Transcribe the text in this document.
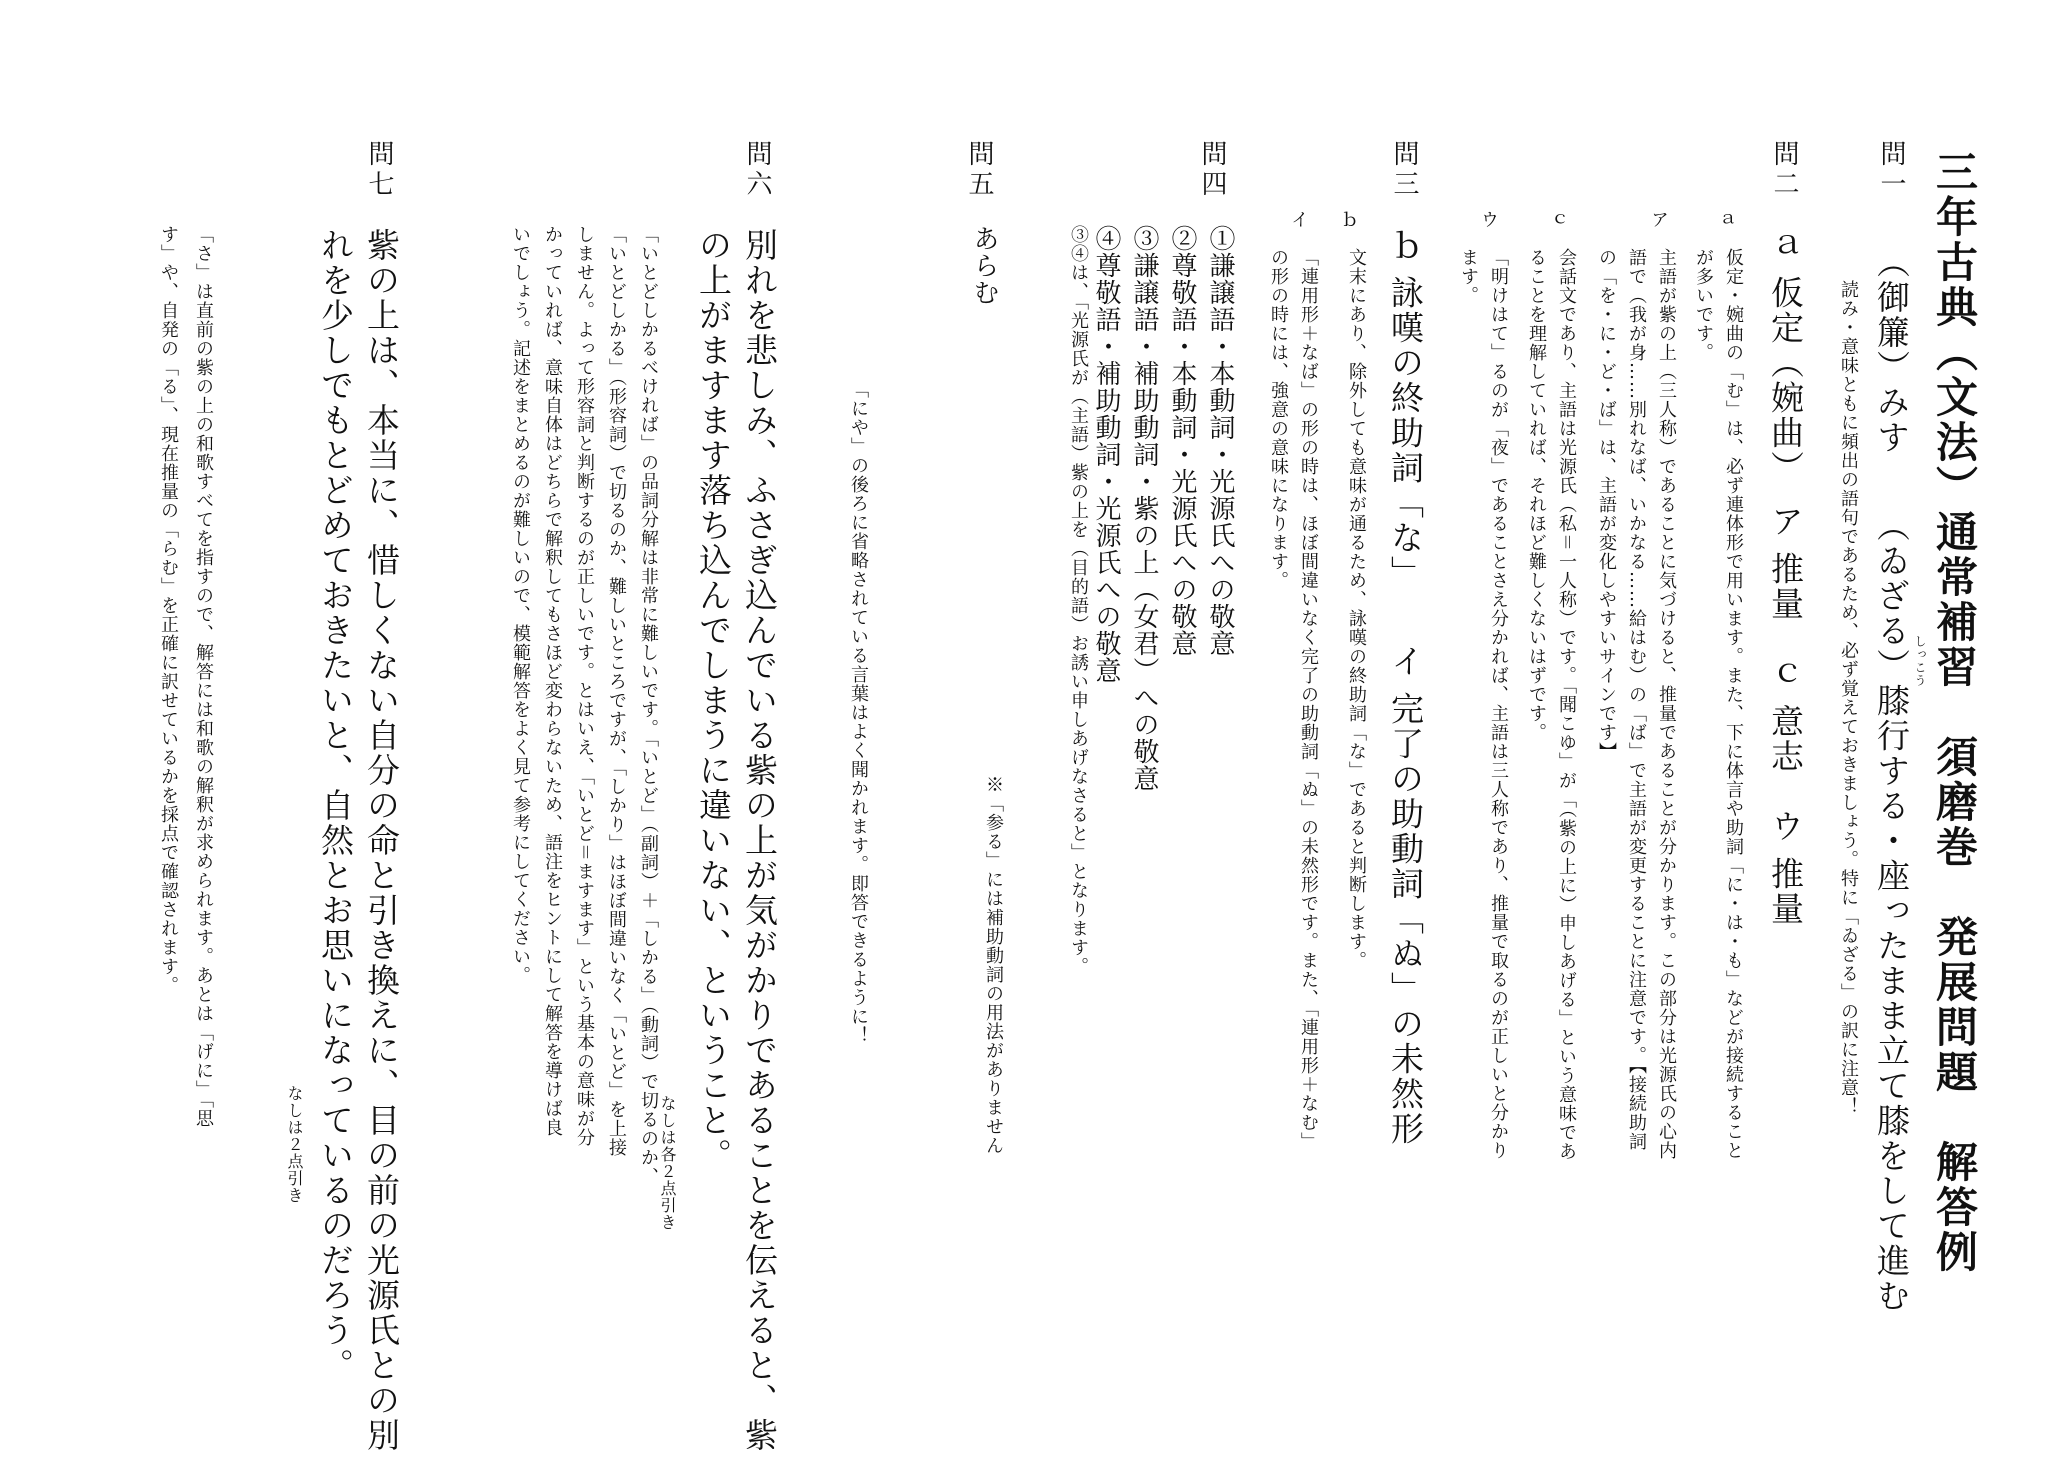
三年古典（文法）通常補習　須磨巻　発展問題　解答例
問一
（御簾）みす　　（ゐざる）膝行する・座ったまま立て膝をして進む しっこう
読み・意味ともに頻出の語句であるため、必ず覚えておきましょう。特に「ゐざる」の訳に注意！
問二
ａ 仮定（婉曲）　ア 推量　ｃ 意志　ウ 推量
ａ
仮定・婉曲の「む」は、必ず連体形で用います。また、下に体言や助詞「に・は・も」などが接続すること
が多いです。
ア
主語が紫の上（三人称）であることに気づけると、推量であることが分かります。この部分は光源氏の心内
語で（我が身……別れなば、いかなる……給はむ）の「ば」で主語が変更することに注意です。【接続助詞
の「を・に・ど・ば」は、主語が変化しやすいサインです】
ｃ
会話文であり、主語は光源氏（私＝一人称）です。「聞こゆ」が「（紫の上に）申しあげる」という意味であ
ることを理解していれば、それほど難しくないはずです。
ウ
「明けはて」るのが「夜」であることさえ分かれば、主語は三人称であり、推量で取るのが正しいと分かり
ます。
問三
ｂ 詠嘆の終助詞「な」　　イ 完了の助動詞「ぬ」の未然形
ｂ
文末にあり、除外しても意味が通るため、詠嘆の終助詞「な」であると判断します。
イ
「連用形＋なば」の形の時は、ほぼ間違いなく完了の助動詞「ぬ」の未然形です。また、「連用形＋なむ」
の形の時には、強意の意味になります。
問四
①謙譲語・本動詞・光源氏への敬意
②尊敬語・本動詞・光源氏への敬意
③謙譲語・補助動詞・紫の上（女君）への敬意
④尊敬語・補助動詞・光源氏への敬意
③④は、「光源氏が（主語）紫の上を（目的語）お誘い申しあげなさると」となります。
※「参る」には補助動詞の用法がありません
問五
あらむ
「にや」の後ろに省略されている言葉はよく聞かれます。即答できるように！
問六
別れを悲しみ、ふさぎ込んでいる紫の上が気がかりであることを伝えると、紫
の上がますます落ち込んでしまうに違いない、ということ。
なしは各２点引き
「いとどしかるべければ」の品詞分解は非常に難しいです。「いとど」（副詞）＋「しかる」（動詞）で切るのか、
「いとどしかる」（形容詞）で切るのか、難しいところですが、「しかり」はほぼ間違いなく「いとど」を上接
しません。よって形容詞と判断するのが正しいです。とはいえ、「いとど＝ますます」という基本の意味が分
かっていれば、意味自体はどちらで解釈してもさほど変わらないため、語注をヒントにして解答を導けば良
いでしょう。記述をまとめるのが難しいので、模範解答をよく見て参考にしてください。
問七
紫の上は、本当に、惜しくない自分の命と引き換えに、目の前の光源氏との別
れを少しでもとどめておきたいと、自然とお思いになっているのだろう。
なしは２点引き
「さ」は直前の紫の上の和歌すべてを指すので、解答には和歌の解釈が求められます。あとは「げに」「思
す」や、自発の「る」、現在推量の「らむ」を正確に訳せているかを採点で確認されます。
